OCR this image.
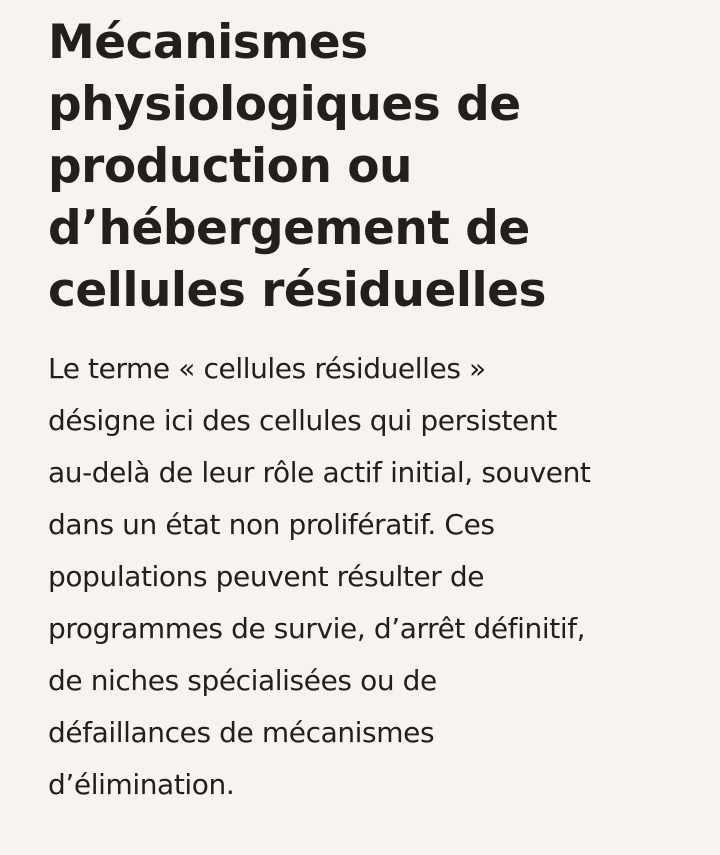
Mécanismes
physiologiques de
production ou
d’hébergement de
cellules résiduelles

Le terme « cellules résiduelles »
désigne ici des cellules qui persistent
au-delà de leur rôle actif initial, souvent
dans un état non prolifératif. Ces
populations peuvent résulter de
programmes de survie, d’arrêt définitif,
de niches spécialisées ou de
défaillances de mécanismes
d’élimination.
